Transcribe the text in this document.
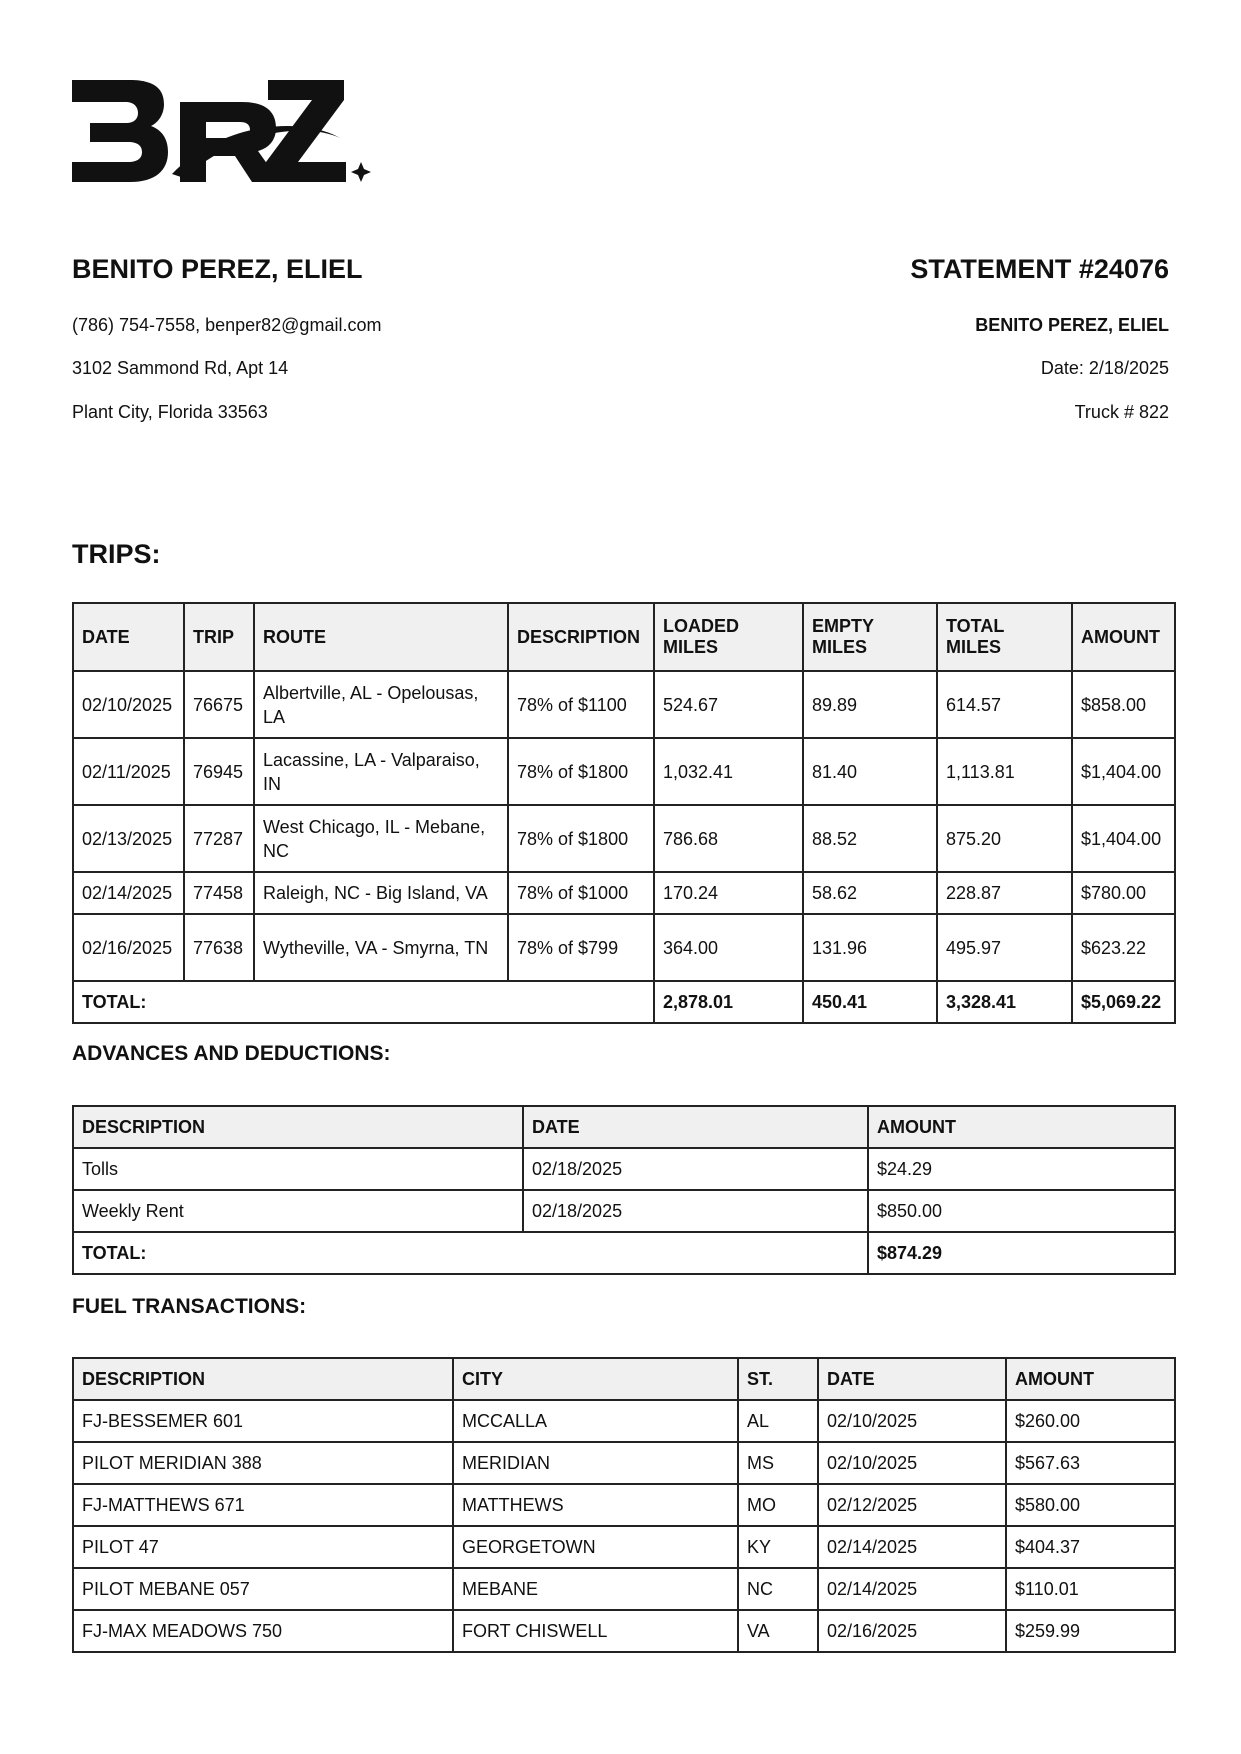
BENITO PEREZ, ELIEL
(786) 754-7558, benper82@gmail.com
3102 Sammond Rd, Apt 14
Plant City, Florida 33563
STATEMENT #24076
BENITO PEREZ, ELIEL
Date: 2/18/2025
Truck # 822
TRIPS:
DATE	TRIP	ROUTE	DESCRIPTION	LOADED MILES	EMPTY MILES	TOTAL MILES	AMOUNT
02/10/2025	76675	Albertville, AL - Opelousas, LA	78% of $1100	524.67	89.89	614.57	$858.00
02/11/2025	76945	Lacassine, LA - Valparaiso, IN	78% of $1800	1,032.41	81.40	1,113.81	$1,404.00
02/13/2025	77287	West Chicago, IL - Mebane, NC	78% of $1800	786.68	88.52	875.20	$1,404.00
02/14/2025	77458	Raleigh, NC - Big Island, VA	78% of $1000	170.24	58.62	228.87	$780.00
02/16/2025	77638	Wytheville, VA - Smyrna, TN	78% of $799	364.00	131.96	495.97	$623.22
TOTAL:				2,878.01	450.41	3,328.41	$5,069.22
ADVANCES AND DEDUCTIONS:
DESCRIPTION	DATE	AMOUNT
Tolls	02/18/2025	$24.29
Weekly Rent	02/18/2025	$850.00
TOTAL:		$874.29
FUEL TRANSACTIONS:
DESCRIPTION	CITY	ST.	DATE	AMOUNT
FJ-BESSEMER 601	MCCALLA	AL	02/10/2025	$260.00
PILOT MERIDIAN 388	MERIDIAN	MS	02/10/2025	$567.63
FJ-MATTHEWS 671	MATTHEWS	MO	02/12/2025	$580.00
PILOT 47	GEORGETOWN	KY	02/14/2025	$404.37
PILOT MEBANE 057	MEBANE	NC	02/14/2025	$110.01
FJ-MAX MEADOWS 750	FORT CHISWELL	VA	02/16/2025	$259.99
